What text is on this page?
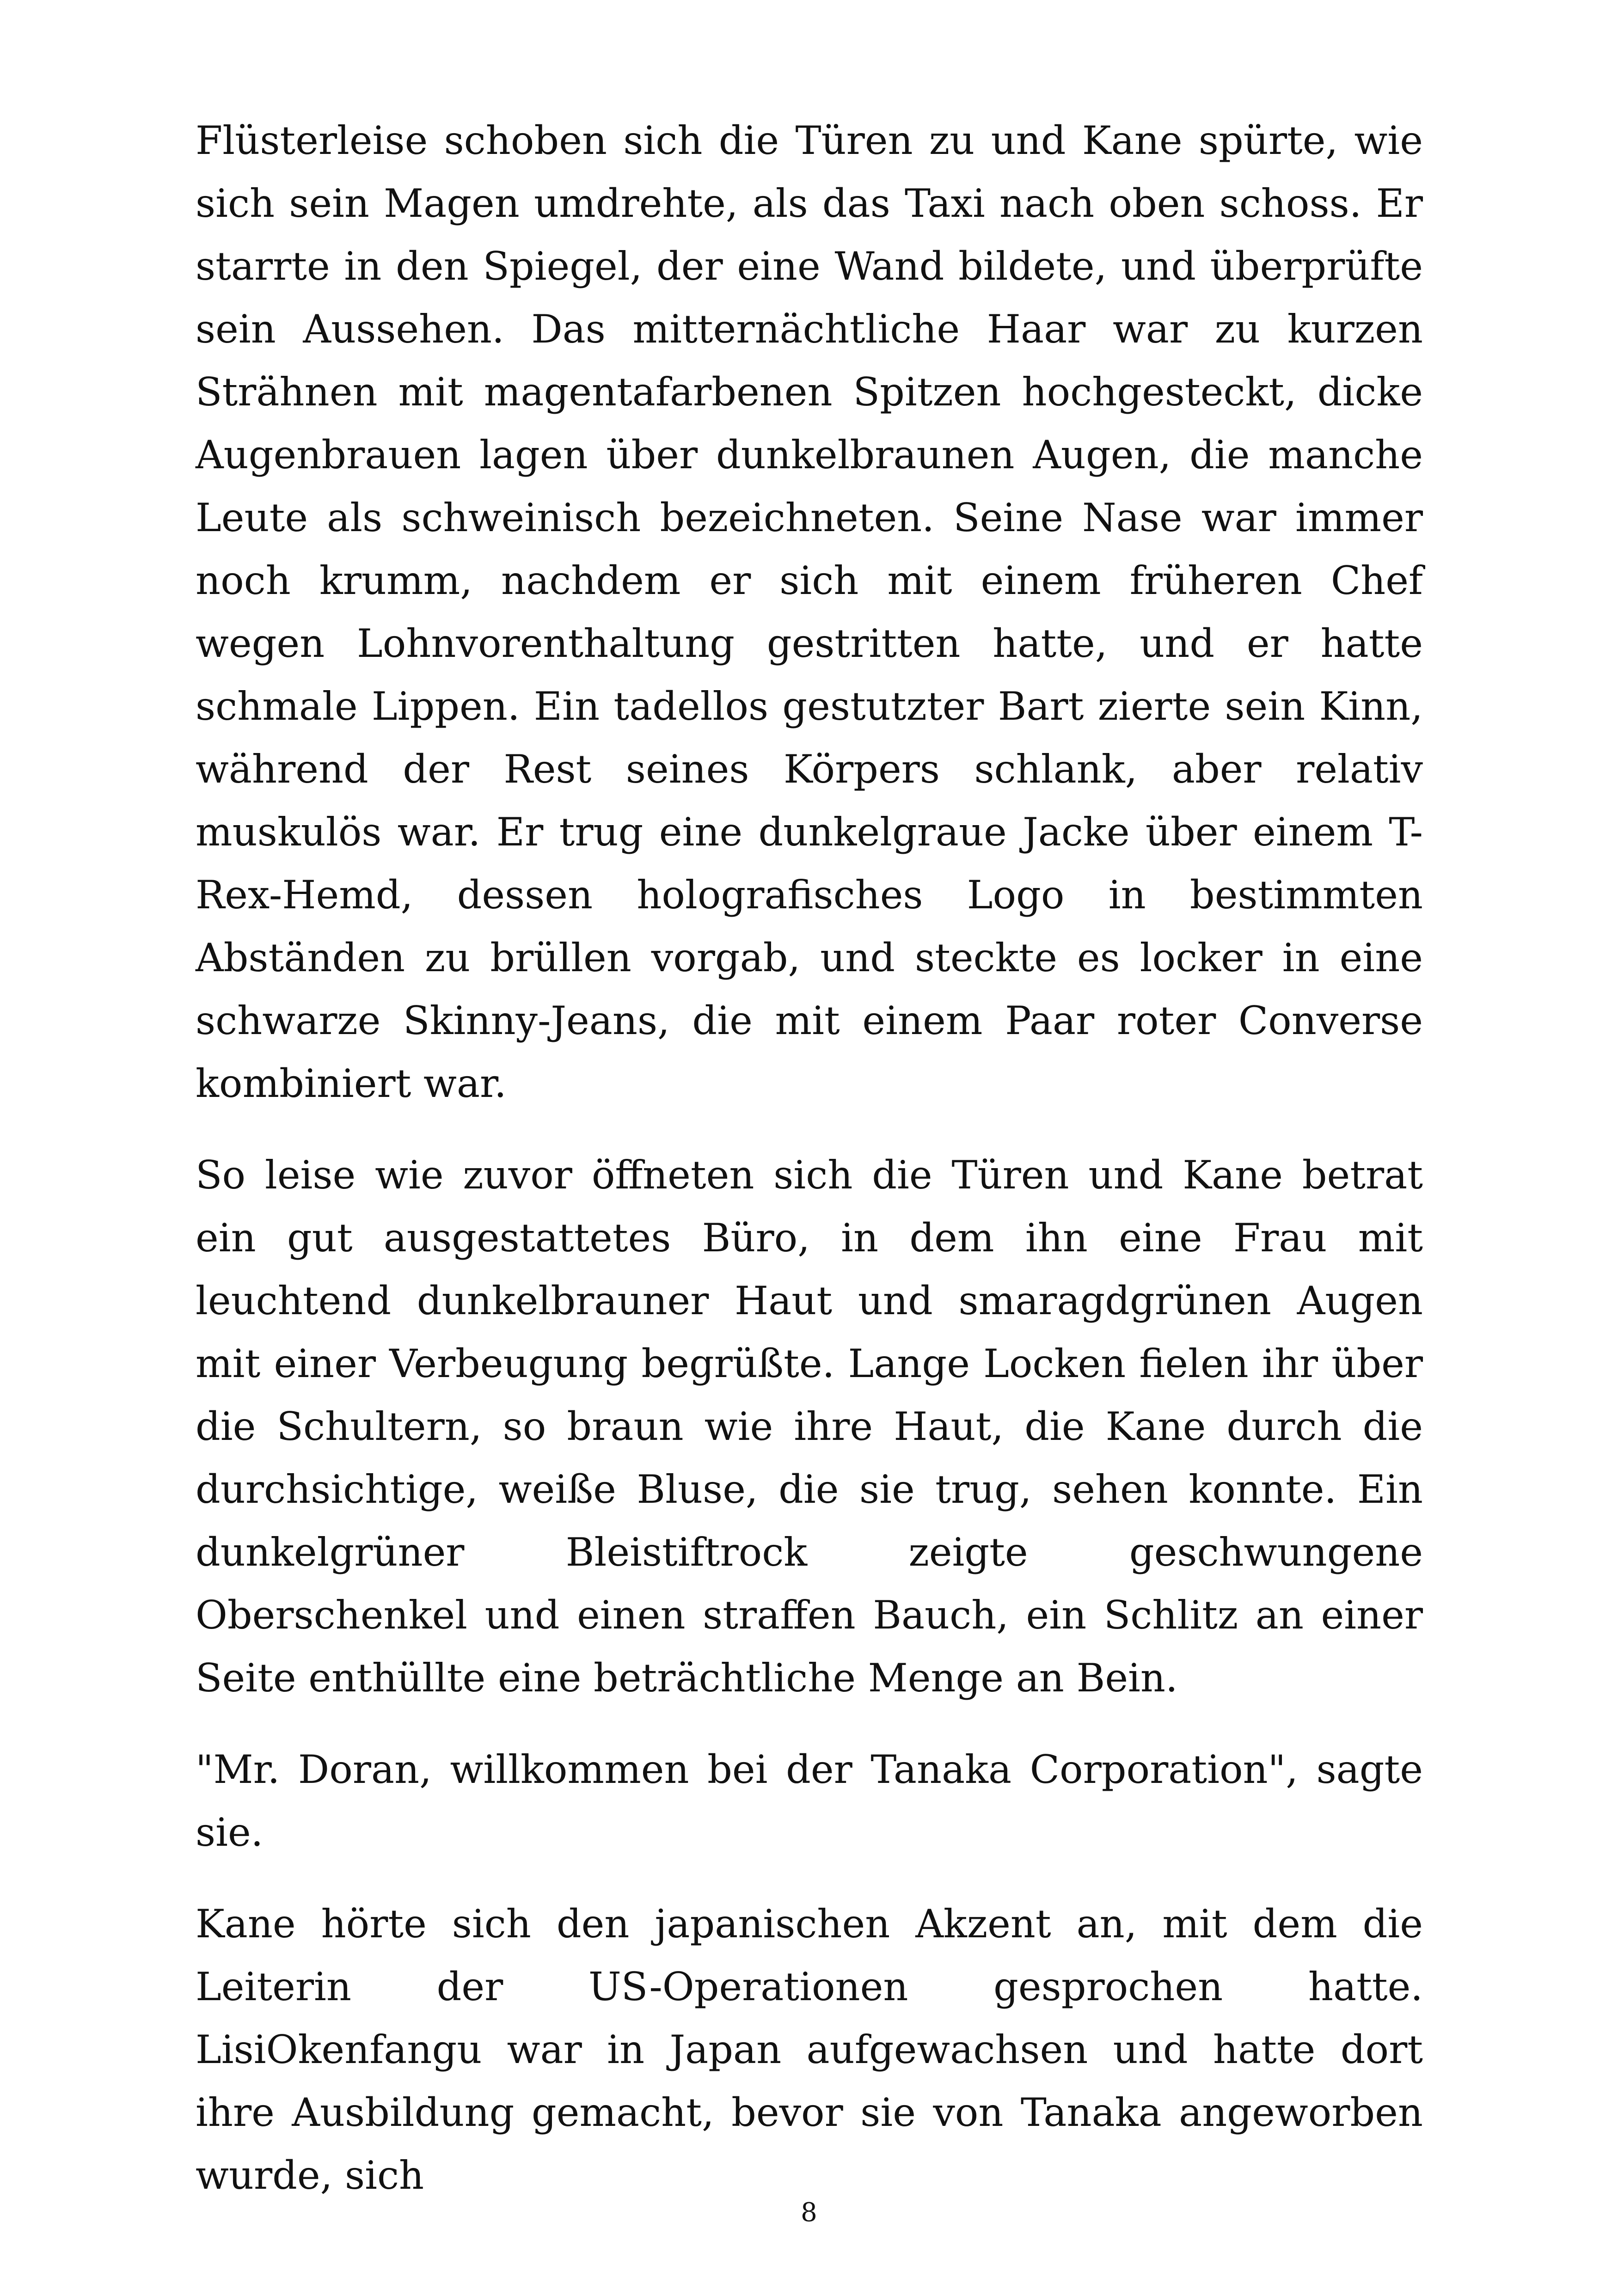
Flüsterleise schoben sich die Türen zu und Kane spürte, wie sich sein Magen umdrehte, als das Taxi nach oben schoss. Er starrte in den Spiegel, der eine Wand bildete, und überprüfte sein Aussehen. Das mitternächtliche Haar war zu kurzen Strähnen mit magentafarbenen Spitzen hochgesteckt, dicke Augenbrauen lagen über dunkelbraunen Augen, die manche Leute als schweinisch bezeichneten. Seine Nase war immer noch krumm, nachdem er sich mit einem früheren Chef wegen Lohnvorenthaltung gestritten hatte, und er hatte schmale Lippen. Ein tadellos gestutzter Bart zierte sein Kinn, während der Rest seines Körpers schlank, aber relativ muskulös war. Er trug eine dunkelgraue Jacke über einem T-Rex-Hemd, dessen holografisches Logo in bestimmten Abständen zu brüllen vorgab, und steckte es locker in eine schwarze Skinny-Jeans, die mit einem Paar roter Converse kombiniert war.

So leise wie zuvor öffneten sich die Türen und Kane betrat ein gut ausgestattetes Büro, in dem ihn eine Frau mit leuchtend dunkelbrauner Haut und smaragdgrünen Augen mit einer Verbeugung begrüßte. Lange Locken fielen ihr über die Schultern, so braun wie ihre Haut, die Kane durch die durchsichtige, weiße Bluse, die sie trug, sehen konnte. Ein dunkelgrüner Bleistiftrock zeigte geschwungene Oberschenkel und einen straffen Bauch, ein Schlitz an einer Seite enthüllte eine beträchtliche Menge an Bein.

"Mr. Doran, willkommen bei der Tanaka Corporation", sagte sie.

Kane hörte sich den japanischen Akzent an, mit dem die Leiterin der US-Operationen gesprochen hatte. LisiOkenfangu war in Japan aufgewachsen und hatte dort ihre Ausbildung gemacht, bevor sie von Tanaka angeworben wurde, sich

8
